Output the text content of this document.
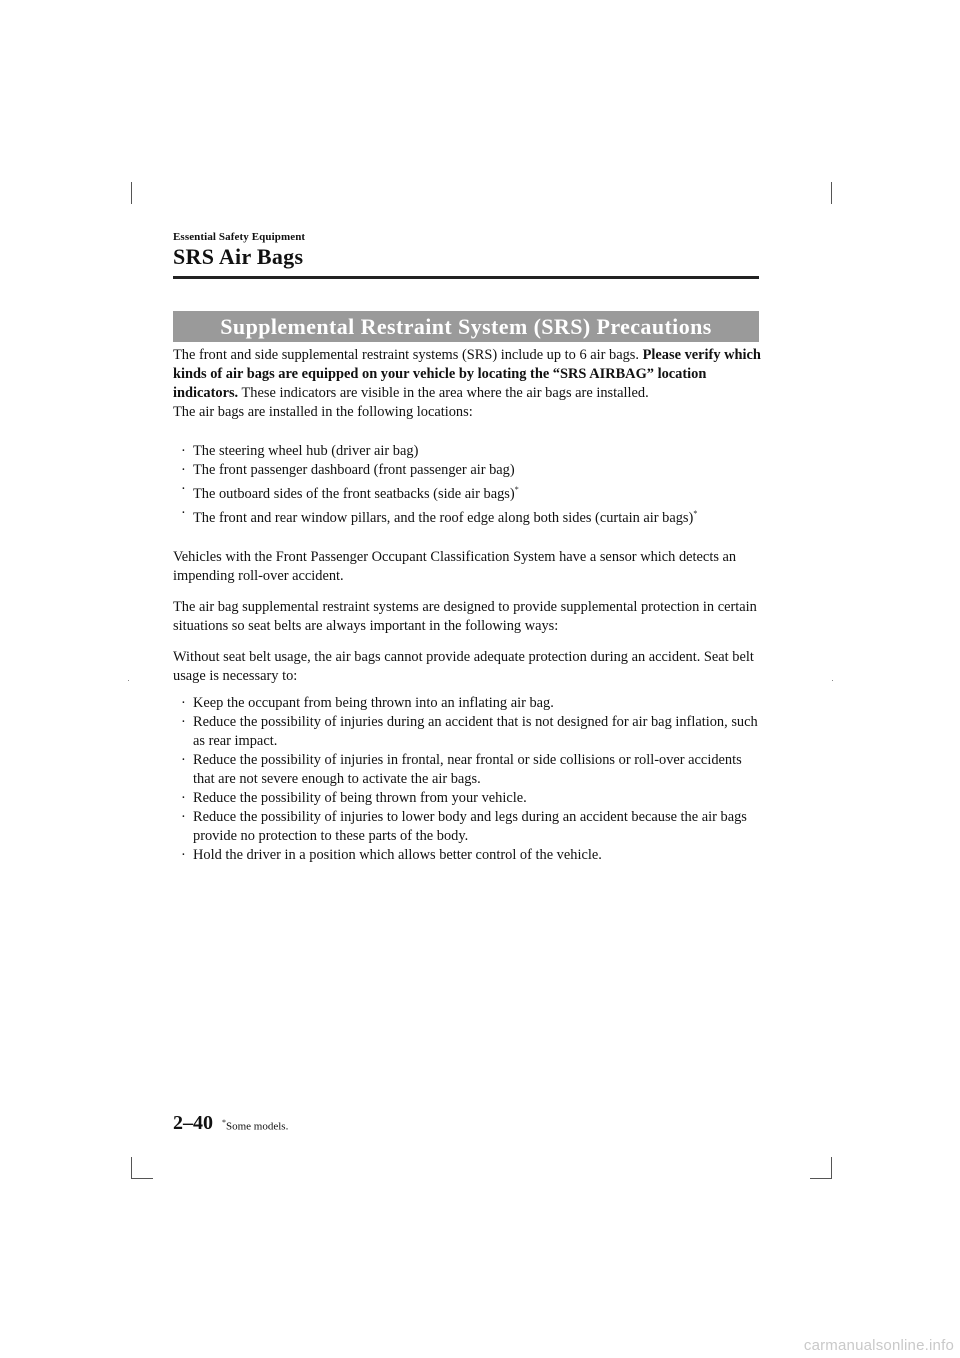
Essential Safety Equipment
SRS Air Bags
Supplemental Restraint System (SRS) Precautions

The front and side supplemental restraint systems (SRS) include up to 6 air bags. Please verify which kinds of air bags are equipped on your vehicle by locating the “SRS AIRBAG” location indicators. These indicators are visible in the area where the air bags are installed.

The air bags are installed in the following locations:

· The steering wheel hub (driver air bag)
· The front passenger dashboard (front passenger air bag)
· The outboard sides of the front seatbacks (side air bags)*
· The front and rear window pillars, and the roof edge along both sides (curtain air bags)*

Vehicles with the Front Passenger Occupant Classification System have a sensor which detects an impending roll-over accident.

The air bag supplemental restraint systems are designed to provide supplemental protection in certain situations so seat belts are always important in the following ways:

Without seat belt usage, the air bags cannot provide adequate protection during an accident. Seat belt usage is necessary to:

· Keep the occupant from being thrown into an inflating air bag.
· Reduce the possibility of injuries during an accident that is not designed for air bag inflation, such as rear impact.
· Reduce the possibility of injuries in frontal, near frontal or side collisions or roll-over accidents that are not severe enough to activate the air bags.
· Reduce the possibility of being thrown from your vehicle.
· Reduce the possibility of injuries to lower body and legs during an accident because the air bags provide no protection to these parts of the body.
· Hold the driver in a position which allows better control of the vehicle.
2–40 *Some models.
carmanualsonline.info
